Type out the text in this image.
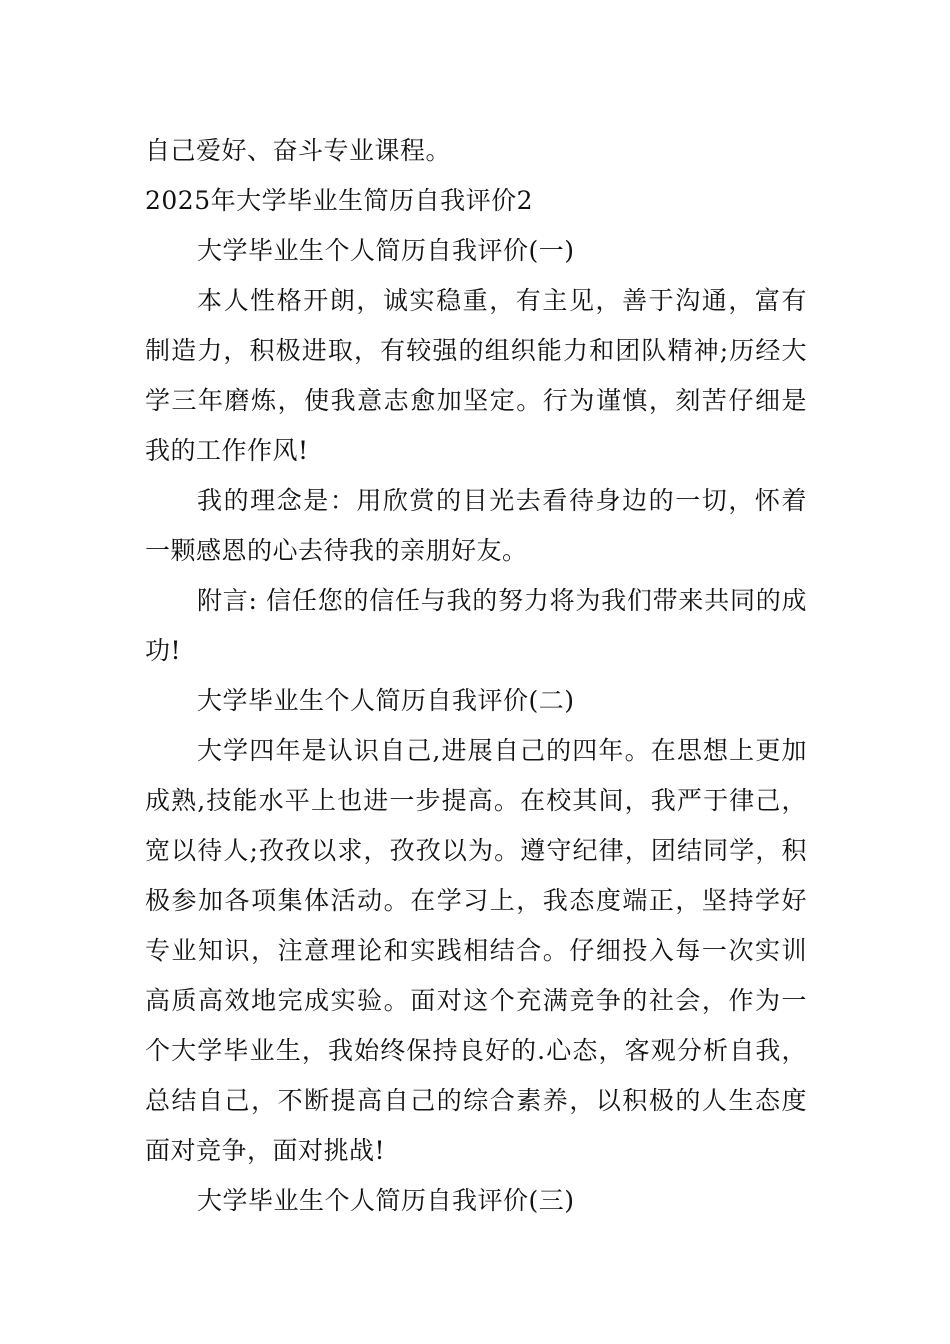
自己爱好、奋斗专业课程。

2025年大学毕业生简历自我评价2

大学毕业生个人简历自我评价(一)

本人性格开朗，诚实稳重，有主见，善于沟通，富有制造力，积极进取，有较强的组织能力和团队精神;历经大学三年磨炼，使我意志愈加坚定。行为谨慎，刻苦仔细是我的工作作风!

我的理念是：用欣赏的目光去看待身边的一切，怀着一颗感恩的心去待我的亲朋好友。

附言: 信任您的信任与我的努力将为我们带来共同的成功!

大学毕业生个人简历自我评价(二)

大学四年是认识自己,进展自己的四年。在思想上更加成熟,技能水平上也进一步提高。在校其间，我严于律己，宽以待人;孜孜以求，孜孜以为。遵守纪律，团结同学，积极参加各项集体活动。在学习上，我态度端正，坚持学好专业知识，注意理论和实践相结合。仔细投入每一次实训高质高效地完成实验。面对这个充满竞争的社会，作为一个大学毕业生，我始终保持良好的.心态，客观分析自我，总结自己，不断提高自己的综合素养，以积极的人生态度面对竞争，面对挑战!

大学毕业生个人简历自我评价(三)
